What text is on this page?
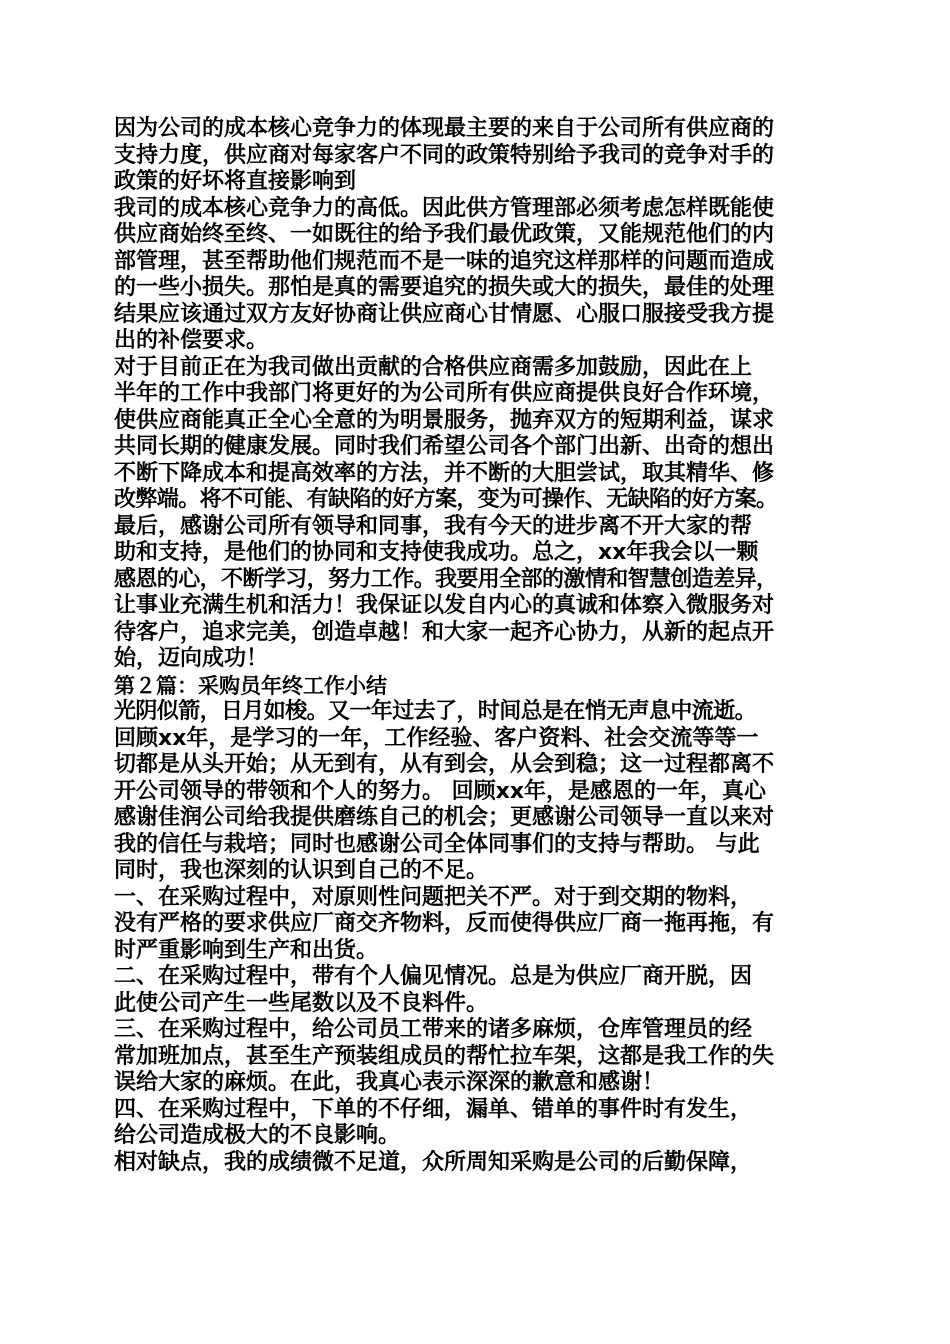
因为公司的成本核心竞争力的体现最主要的来自于公司所有供应商的
支持力度，供应商对每家客户不同的政策特别给予我司的竞争对手的
政策的好坏将直接影响到
我司的成本核心竞争力的高低。因此供方管理部必须考虑怎样既能使
供应商始终至终、一如既往的给予我们最优政策，又能规范他们的内
部管理，甚至帮助他们规范而不是一味的追究这样那样的问题而造成
的一些小损失。那怕是真的需要追究的损失或大的损失，最佳的处理
结果应该通过双方友好协商让供应商心甘情愿、心服口服接受我方提
出的补偿要求。
对于目前正在为我司做出贡献的合格供应商需多加鼓励，因此在上
半年的工作中我部门将更好的为公司所有供应商提供良好合作环境，
使供应商能真正全心全意的为明景服务，抛弃双方的短期利益，谋求
共同长期的健康发展。同时我们希望公司各个部门出新、出奇的想出
不断下降成本和提高效率的方法，并不断的大胆尝试，取其精华、修
改弊端。将不可能、有缺陷的好方案，变为可操作、无缺陷的好方案。
最后，感谢公司所有领导和同事，我有今天的进步离不开大家的帮
助和支持，是他们的协同和支持使我成功。总之，xx年我会以一颗
感恩的心，不断学习，努力工作。我要用全部的激情和智慧创造差异，
让事业充满生机和活力！我保证以发自内心的真诚和体察入微服务对
待客户，追求完美，创造卓越！和大家一起齐心协力，从新的起点开
始，迈向成功！
第２篇：采购员年终工作小结
光阴似箭，日月如梭。又一年过去了，时间总是在悄无声息中流逝。
回顾xx年，是学习的一年，工作经验、客户资料、社会交流等等一
切都是从头开始；从无到有，从有到会，从会到稳；这一过程都离不
开公司领导的带领和个人的努力。 回顾xx年，是感恩的一年，真心
感谢佳润公司给我提供磨练自己的机会；更感谢公司领导一直以来对
我的信任与栽培；同时也感谢公司全体同事们的支持与帮助。 与此
同时，我也深刻的认识到自己的不足。
一、在采购过程中，对原则性问题把关不严。对于到交期的物料，
没有严格的要求供应厂商交齐物料，反而使得供应厂商一拖再拖，有
时严重影响到生产和出货。
二、在采购过程中，带有个人偏见情况。总是为供应厂商开脱，因
此使公司产生一些尾数以及不良料件。
三、在采购过程中，给公司员工带来的诸多麻烦，仓库管理员的经
常加班加点，甚至生产预装组成员的帮忙拉车架，这都是我工作的失
误给大家的麻烦。在此，我真心表示深深的歉意和感谢！
四、在采购过程中，下单的不仔细，漏单、错单的事件时有发生，
给公司造成极大的不良影响。
相对缺点，我的成绩微不足道，众所周知采购是公司的后勤保障，
